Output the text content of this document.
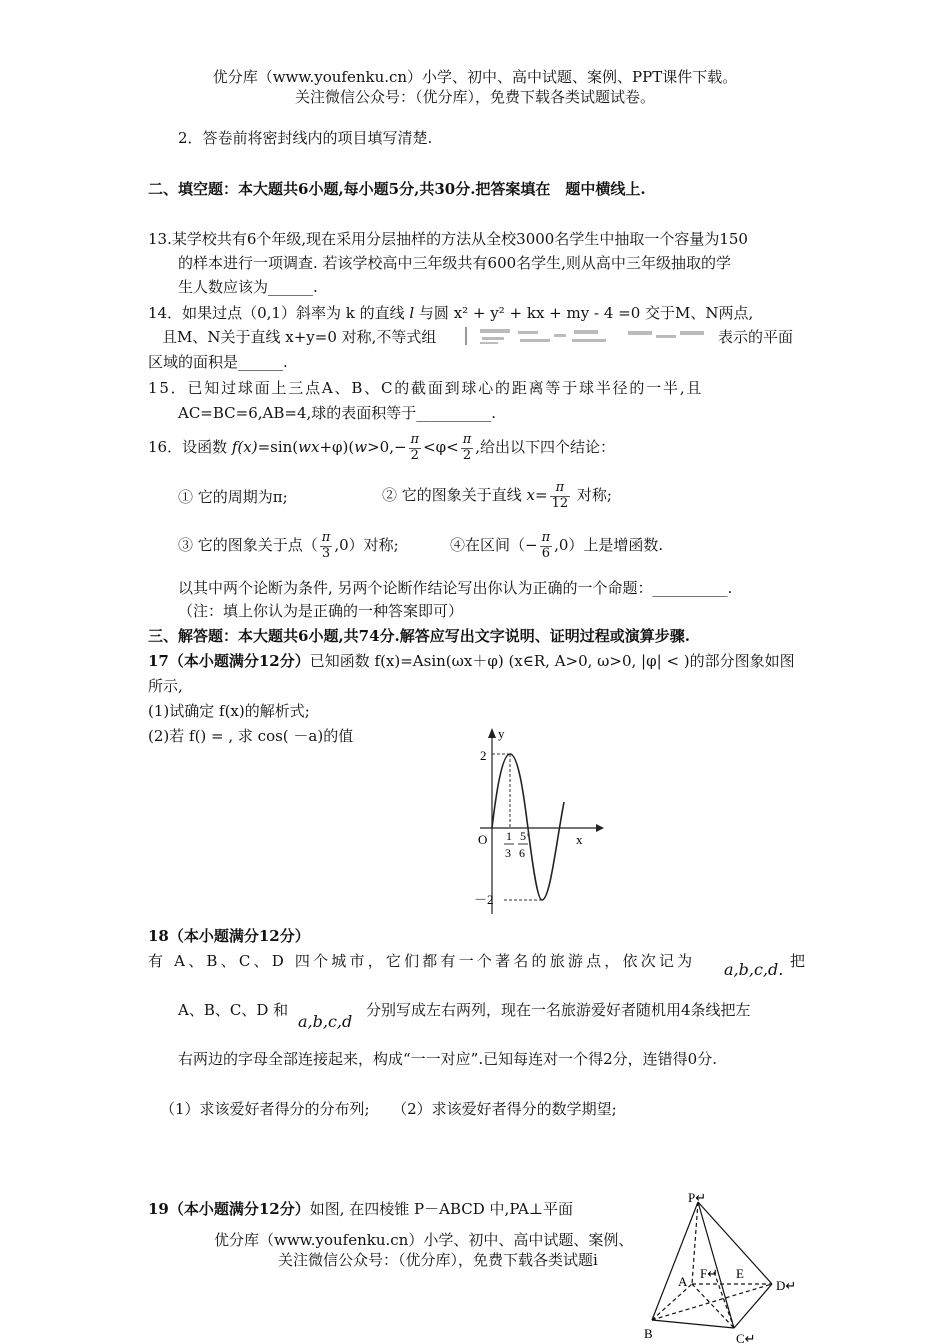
优分库（www.youfenku.cn）小学、初中、高中试题、案例、PPT课件下载。
关注微信公众号：（优分库），免费下载各类试题试卷。
2．答卷前将密封线内的项目填写清楚.
二、填空题：本大题共6小题,每小题5分,共30分.把答案填在　题中横线上.
13.某学校共有6个年级,现在采用分层抽样的方法从全校3000名学生中抽取一个容量为150
的样本进行一项调查. 若该学校高中三年级共有600名学生,则从高中三年级抽取的学
生人数应该为______.
14．如果过点（0,1）斜率为 k 的直线 l 与圆 x² + y² + kx + my - 4 =0 交于M、N两点,
且M、N关于直线 x+y=0 对称,不等式组	表示的平面
区域的面积是______.
15．已知过球面上三点A、B、C的截面到球心的距离等于球半径的一半,且
AC=BC=6,AB=4,球的表面积等于__________.
16．设函数 $f(x)=\sin(wx+\varphi)(w>0,- \frac{\pi}{2} <\varphi< \frac{\pi}{2}$ ,给出以下四个结论：
① 它的周期为π;	② 它的图象关于直线 $x= \frac{\pi}{12}$ 对称;
③ 它的图象关于点（ $\frac{\pi}{3} ,0$）对称;	④在区间（− $\frac{\pi}{6} ,0$）上是增函数.
以其中两个论断为条件, 另两个论断作结论写出你认为正确的一个命题：__________.
（注：填上你认为是正确的一种答案即可）
三、解答题：本大题共6小题,共74分.解答应写出文字说明、证明过程或演算步骤.
17（本小题满分12分）已知函数 f(x)=Asin(ωx＋φ) (x∈R, A>0, ω>0, |φ| < )的部分图象如图
所示,
(1)试确定 f(x)的解析式;
(2)若 f() = , 求 cos( －a)的值	y
x
O
2
－2
1
3
5
6
18（本小题满分12分）
有 A、B、C、D 四个城市，它们都有一个著名的旅游点，依次记为 a,b,c,d. 把
A、B、C、D 和
a,b,c,d
分别写成左右两列，现在一名旅游爱好者随机用4条线把左
右两边的字母全部连接起来，构成“一一对应”.已知每连对一个得2分，连错得0分.
（1）求该爱好者得分的分布列;　　（2）求该爱好者得分的数学期望;
19（本小题满分12分）如图, 在四棱锥 P－ABCD 中,PA⊥平面
优分库（www.youfenku.cn）小学、初中、高中试题、案例、PPT
关注微信公众号：（优分库），免费下载各类试题i
P↵
A
B	C↵
D↵
E
F↵
